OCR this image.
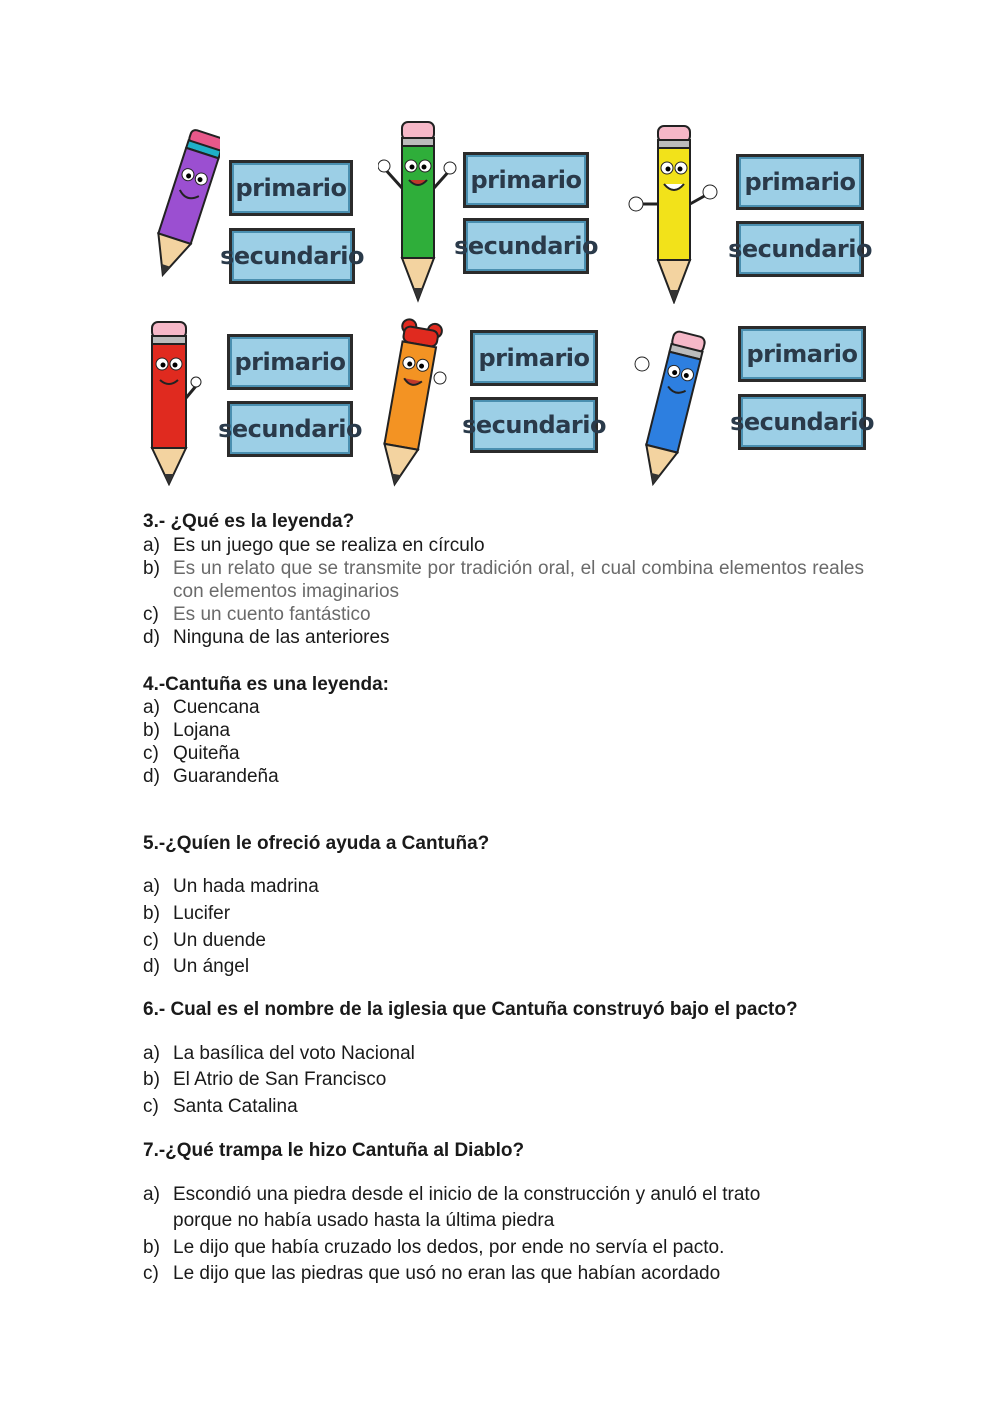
primario
secundario
primario
secundario
primario
secundario
primario
secundario
primario
secundario
primario
secundario

3.- ¿Qué es la leyenda?

a) Es un juego que se realiza en círculo
b) Es un relato que se transmite por tradición oral, el cual combina elementos reales con elementos imaginarios
c) Es un cuento fantástico
d) Ninguna de las anteriores

4.-Cantuña es una leyenda:

a) Cuencana
b) Lojana
c) Quiteña
d) Guarandeña

5.-¿Quíen le ofreció ayuda a Cantuña?

a) Un hada madrina
b) Lucifer
c) Un duende
d) Un ángel

6.- Cual es el nombre de la iglesia que Cantuña construyó bajo el pacto?

a) La basílica del voto Nacional
b) El Atrio de San Francisco
c) Santa Catalina

7.-¿Qué trampa le hizo Cantuña al Diablo?

a) Escondió una piedra desde el inicio de la construcción y anuló el trato porque no había usado hasta la última piedra
b) Le dijo que había cruzado los dedos, por ende no servía el pacto.
c) Le dijo que las piedras que usó no eran las que habían acordado
